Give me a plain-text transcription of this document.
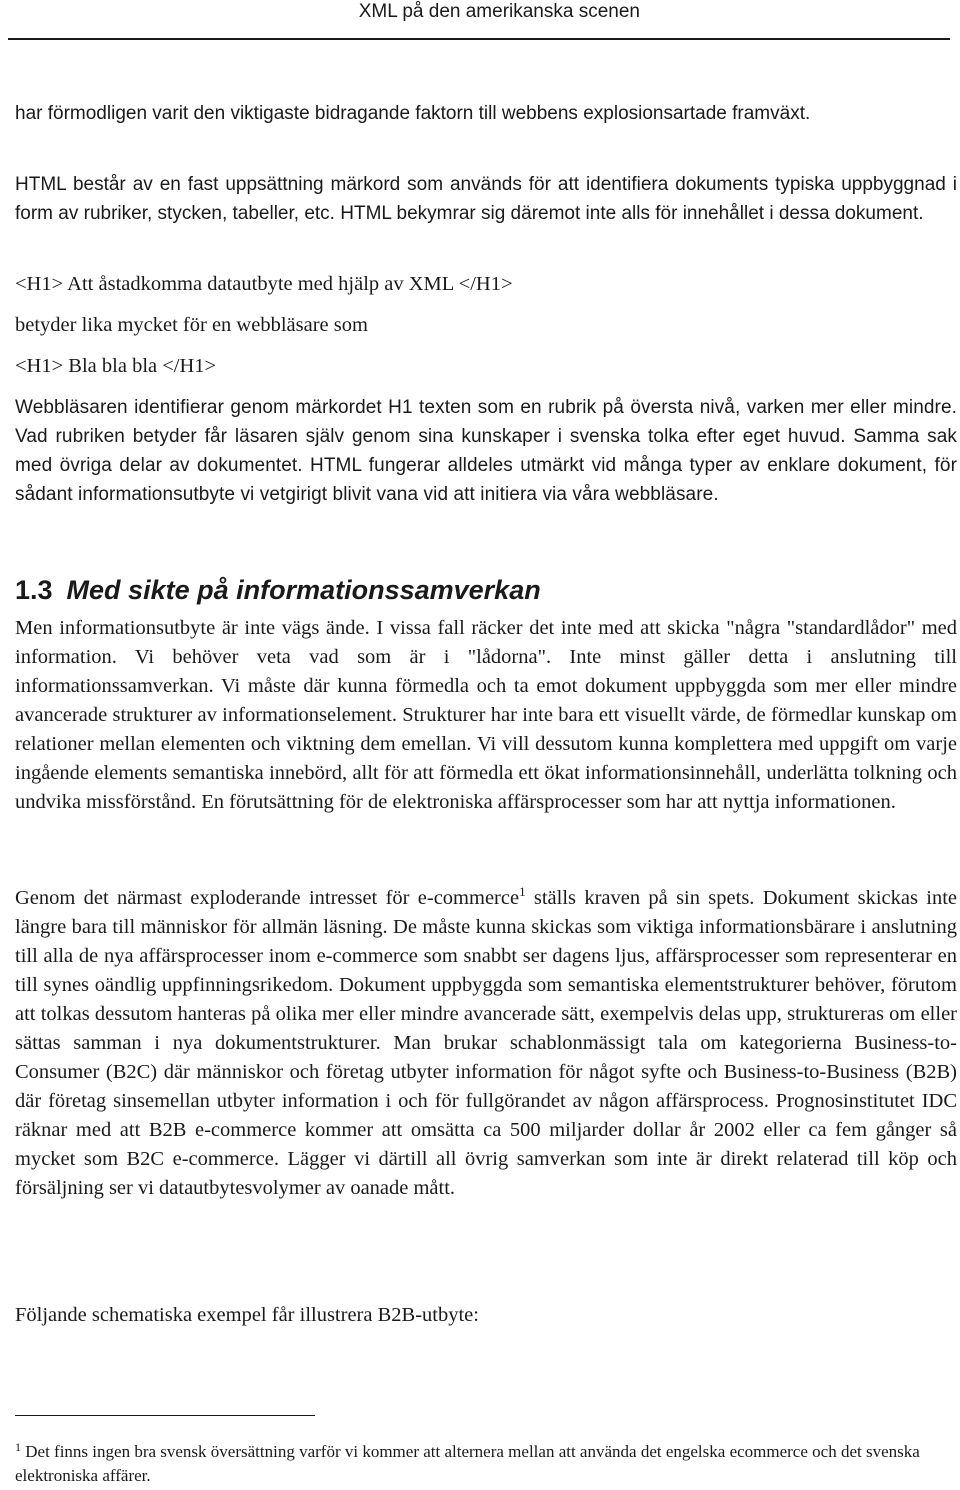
XML på den amerikanska scenen

har förmodligen varit den viktigaste bidragande faktorn till webbens explosionsartade framväxt.

HTML består av en fast uppsättning märkord som används för att identifiera dokuments typiska uppbyggnad i form av rubriker, stycken, tabeller, etc. HTML bekymrar sig däremot inte alls för innehållet i dessa dokument.

<H1> Att åstadkomma datautbyte med hjälp av XML </H1>

betyder lika mycket för en webbläsare som

<H1> Bla bla bla </H1>

Webbläsaren identifierar genom märkordet H1 texten som en rubrik på översta nivå, varken mer eller mindre. Vad rubriken betyder får läsaren själv genom sina kunskaper i svenska tolka efter eget huvud. Samma sak med övriga delar av dokumentet. HTML fungerar alldeles utmärkt vid många typer av enklare dokument, för sådant informationsutbyte vi vetgirigt blivit vana vid att initiera via våra webbläsare.

1.3 Med sikte på informationssamverkan

Men informationsutbyte är inte vägs ände. I vissa fall räcker det inte med att skicka "några "standardlådor" med information. Vi behöver veta vad som är i "lådorna". Inte minst gäller detta i anslutning till informationssamverkan. Vi måste där kunna förmedla och ta emot dokument uppbyggda som mer eller mindre avancerade strukturer av informationselement. Strukturer har inte bara ett visuellt värde, de förmedlar kunskap om relationer mellan elementen och viktning dem emellan. Vi vill dessutom kunna komplettera med uppgift om varje ingående elements semantiska innebörd, allt för att förmedla ett ökat informationsinnehåll, underlätta tolkning och undvika missförstånd. En förutsättning för de elektroniska affärsprocesser som har att nyttja informationen.

Genom det närmast exploderande intresset för e-commerce$^1$ ställs kraven på sin spets. Dokument skickas inte längre bara till människor för allmän läsning. De måste kunna skickas som viktiga informationsbärare i anslutning till alla de nya affärsprocesser inom e-commerce som snabbt ser dagens ljus, affärsprocesser som representerar en till synes oändlig uppfinningsrikedom. Dokument uppbyggda som semantiska elementstrukturer behöver, förutom att tolkas dessutom hanteras på olika mer eller mindre avancerade sätt, exempelvis delas upp, struktureras om eller sättas samman i nya dokumentstrukturer. Man brukar schablonmässigt tala om kategorierna Business-to-Consumer (B2C) där människor och företag utbyter information för något syfte och Business-to-Business (B2B) där företag sinsemellan utbyter information i och för fullgörandet av någon affärsprocess. Prognosinstitutet IDC räknar med att B2B e-commerce kommer att omsätta ca 500 miljarder dollar år 2002 eller ca fem gånger så mycket som B2C e-commerce. Lägger vi därtill all övrig samverkan som inte är direkt relaterad till köp och försäljning ser vi datautbytesvolymer av oanade mått.

Följande schematiska exempel får illustrera B2B-utbyte:

$^1$ Det finns ingen bra svensk översättning varför vi kommer att alternera mellan att använda det engelska ecommerce och det svenska elektroniska affärer.
